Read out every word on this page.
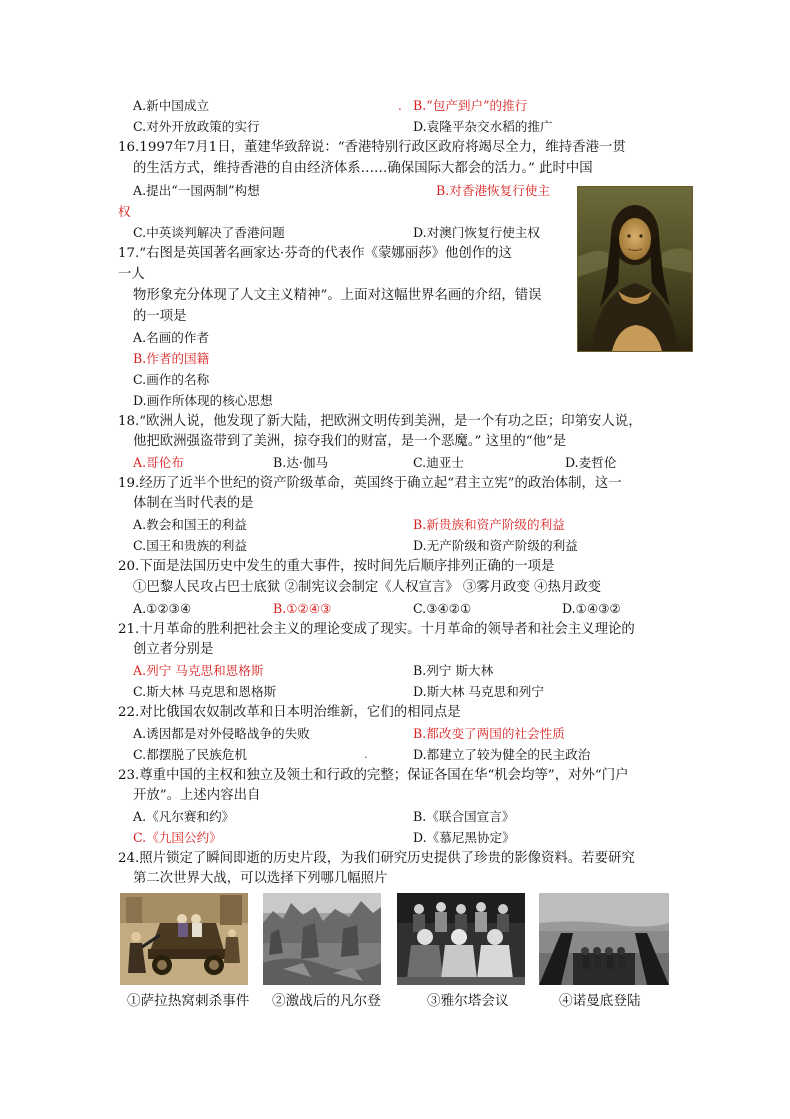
A.新中国成立	. B.“包产到户”的推行
C.对外开放政策的实行	D.袁隆平杂交水稻的推广
16.1997年7月1日，董建华致辞说：“香港特别行政区政府将竭尽全力，维持香港一贯
的生活方式，维持香港的自由经济体系……确保国际大都会的活力。” 此时中国
A.提出“一国两制”构想	B.对香港恢复行使主
权
C.中英谈判解决了香港问题	D.对澳门恢复行使主权
17.“右图是英国著名画家达·芬奇的代表作《蒙娜丽莎》他创作的这
一人
物形象充分体现了人文主义精神”。上面对这幅世界名画的介绍，错误
的一项是
A.名画的作者
B.作者的国籍
C.画作的名称
D.画作所体现的核心思想
18.“欧洲人说，他发现了新大陆，把欧洲文明传到美洲，是一个有功之臣；印第安人说，
他把欧洲强盗带到了美洲，掠夺我们的财富，是一个恶魔。” 这里的“他”是
A.哥伦布	B.达·伽马	C.迪亚士	D.麦哲伦
19.经历了近半个世纪的资产阶级革命，英国终于确立起“君主立宪”的政治体制，这一
体制在当时代表的是
A.教会和国王的利益	B.新贵族和资产阶级的利益
C.国王和贵族的利益	D.无产阶级和资产阶级的利益
20.下面是法国历史中发生的重大事件，按时间先后顺序排列正确的一项是
①巴黎人民攻占巴士底狱 ②制宪议会制定《人权宣言》 ③雾月政变 ④热月政变
A.①②③④	B.①②④③	C.③④②①	D.①④③②
21.十月革命的胜利把社会主义的理论变成了现实。十月革命的领导者和社会主义理论的
创立者分别是
A.列宁 马克思和恩格斯	B.列宁 斯大林
C.斯大林 马克思和恩格斯	D.斯大林 马克思和列宁
22.对比俄国农奴制改革和日本明治维新，它们的相同点是
A.诱因都是对外侵略战争的失败	B.都改变了两国的社会性质
C.都摆脱了民族危机	.	D.都建立了较为健全的民主政治
23.尊重中国的主权和独立及领土和行政的完整；保证各国在华“机会均等”，对外“门户
开放”。上述内容出自
A.《凡尔赛和约》	B.《联合国宣言》
C.《九国公约》	D.《慕尼黑协定》
24.照片锁定了瞬间即逝的历史片段，为我们研究历史提供了珍贵的影像资料。若要研究
第二次世界大战，可以选择下列哪几幅照片
①萨拉热窝刺杀事件 ②激战后的凡尔登	③雅尔塔会议	④诺曼底登陆
